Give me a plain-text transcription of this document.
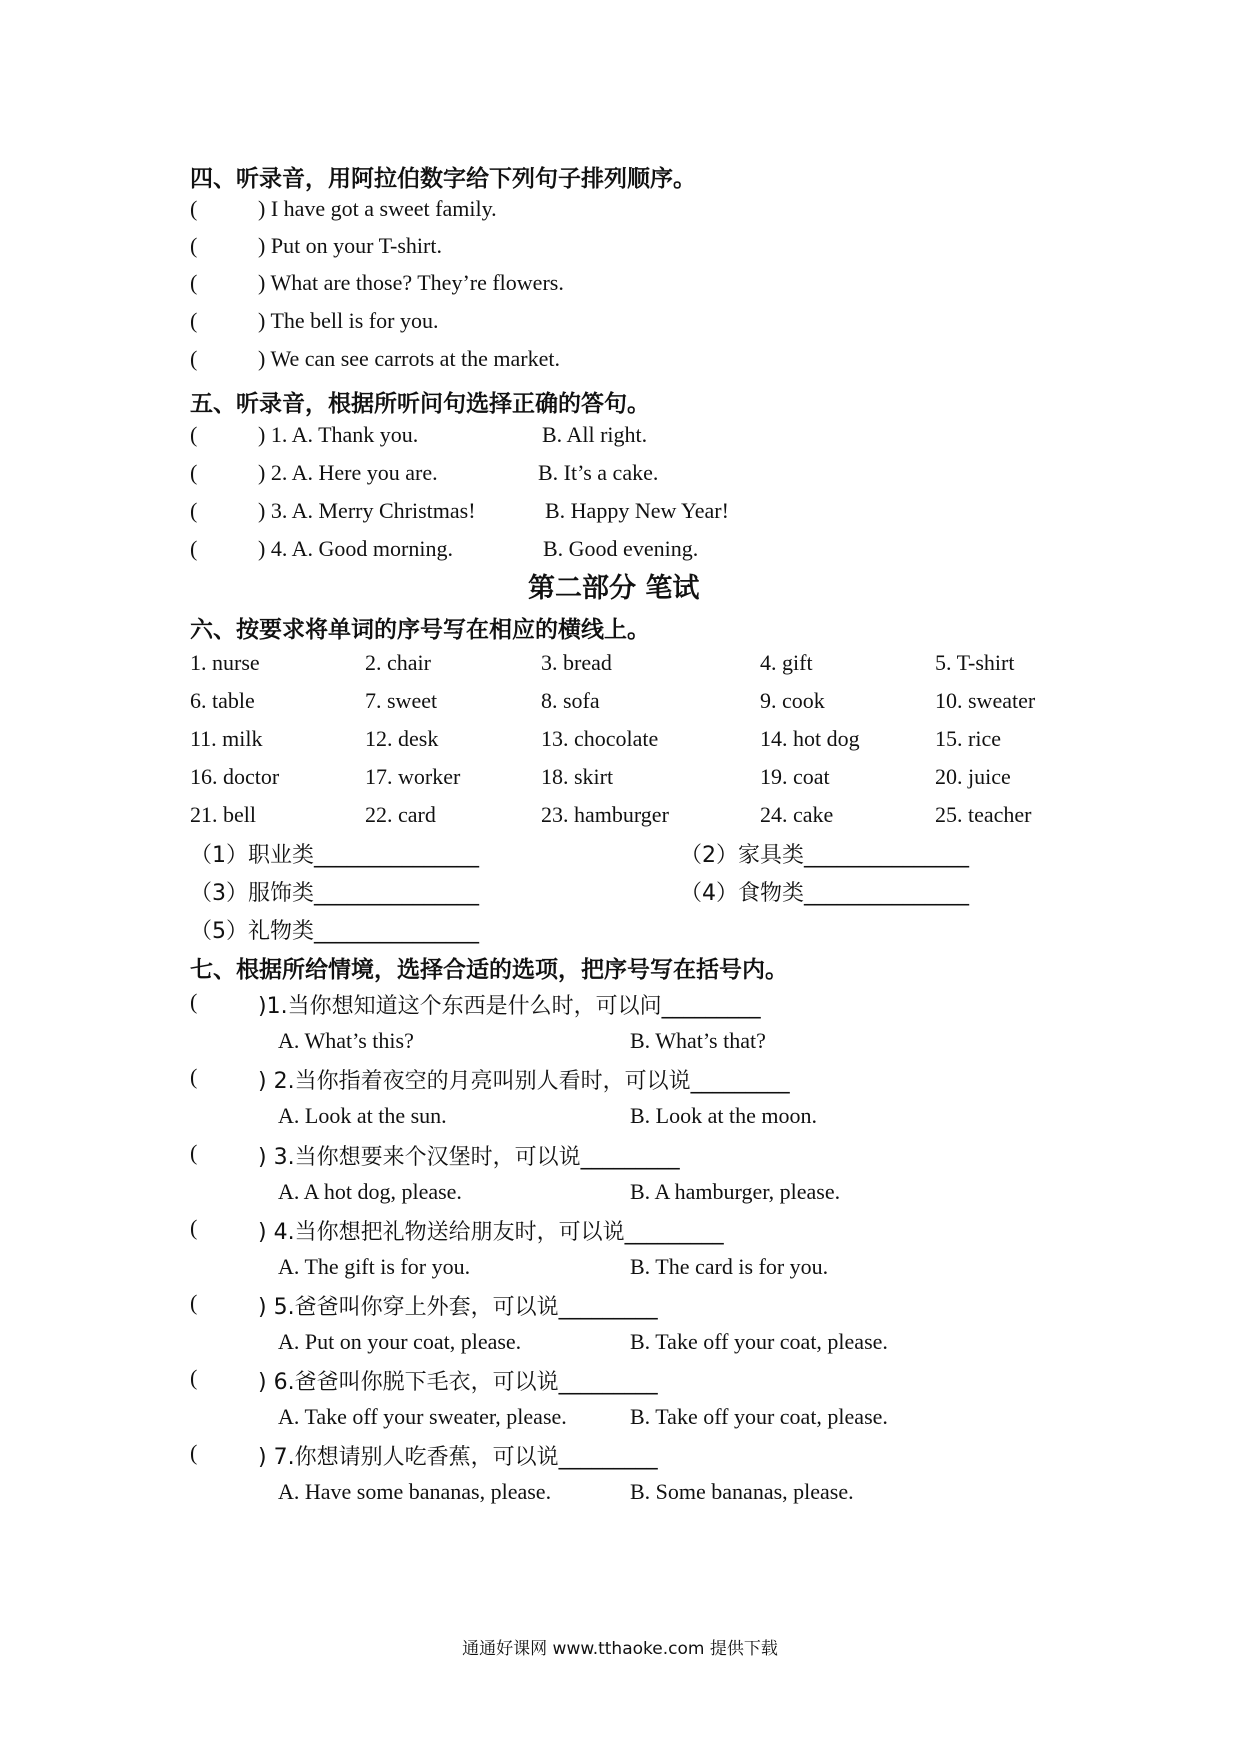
四、听录音，用阿拉伯数字给下列句子排列顺序。
(	) I have got a sweet family.
(	) Put on your T-shirt.
(	) What are those? They’re flowers.
(	) The bell is for you.
(	) We can see carrots at the market.
五、听录音，根据所听问句选择正确的答句。
(	) 1. A. Thank you.	B. All right.
(	) 2. A. Here you are.	B. It’s a cake.
(	) 3. A. Merry Christmas!	B. Happy New Year!
(	) 4. A. Good morning.	B. Good evening.
第二部分 笔试
六、按要求将单词的序号写在相应的横线上。
1. nurse	2. chair	3. bread	4. gift	5. T-shirt
6. table	7. sweet	8. sofa	9. cook	10. sweater
11. milk	12. desk	13. chocolate	14. hot dog	15. rice
16. doctor	17. worker	18. skirt	19. coat	20. juice
21. bell	22. card	23. hamburger	24. cake	25. teacher
（1）职业类_______________	（2）家具类_______________
（3）服饰类_______________	（4）食物类_______________
（5）礼物类_______________
七、根据所给情境，选择合适的选项，把序号写在括号内。
(	)1.当你想知道这个东西是什么时，可以问_________
A. What’s this?	B. What’s that?
(	) 2.当你指着夜空的月亮叫别人看时，可以说_________
A. Look at the sun.	B. Look at the moon.
(	) 3.当你想要来个汉堡时，可以说_________
A. A hot dog, please.	B. A hamburger, please.
(	) 4.当你想把礼物送给朋友时，可以说_________
A. The gift is for you.	B. The card is for you.
(	) 5.爸爸叫你穿上外套，可以说_________
A. Put on your coat, please.	B. Take off your coat, please.
(	) 6.爸爸叫你脱下毛衣，可以说_________
A. Take off your sweater, please.	B. Take off your coat, please.
(	) 7.你想请别人吃香蕉，可以说_________
A. Have some bananas, please.	B. Some bananas, please.
通通好课网 www.tthaoke.com 提供下载
